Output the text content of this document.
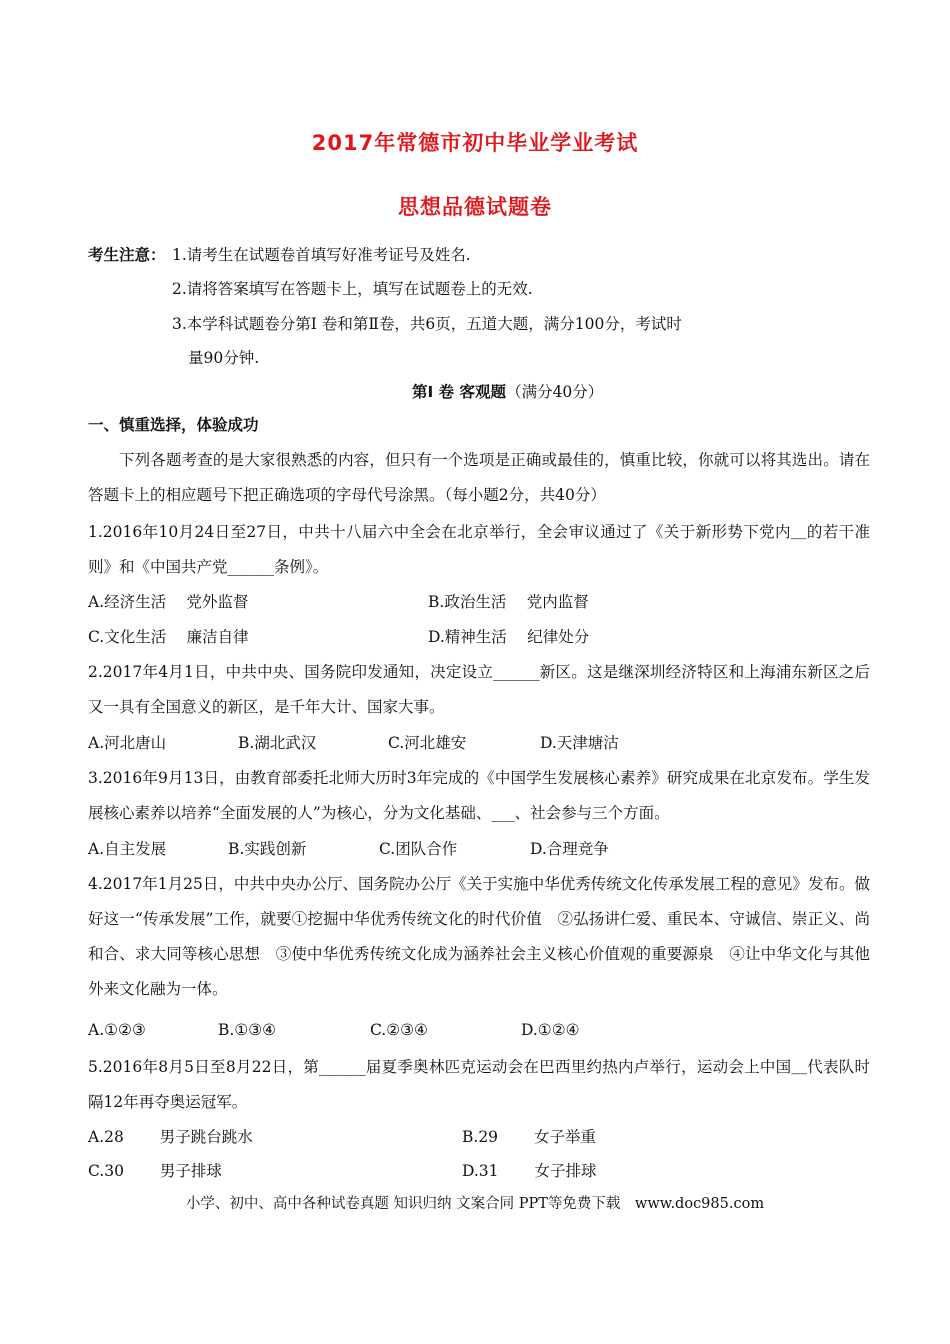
2017年常德市初中毕业学业考试
思想品德试题卷
考生注意： 1.请考生在试题卷首填写好准考证号及姓名.
2.请将答案填写在答题卡上，填写在试题卷上的无效.
3.本学科试题卷分第Ⅰ 卷和第Ⅱ卷，共6页，五道大题，满分100分，考试时
量90分钟.
第Ⅰ 卷 客观题（满分40分）
一、慎重选择，体验成功
下列各题考查的是大家很熟悉的内容，但只有一个选项是正确或最佳的，慎重比较，你就可以将其选出。请在答题卡上的相应题号下把正确选项的字母代号涂黑。（每小题2分，共40分）
1.2016年10月24日至27日，中共十八届六中全会在北京举行，全会审议通过了《关于新形势下党内＿的若干准则》和《中国共产党______条例》。
A.经济生活　 党外监督	B.政治生活　 党内监督
C.文化生活　 廉洁自律	D.精神生活　 纪律处分
2.2017年4月1日，中共中央、国务院印发通知，决定设立______新区。这是继深圳经济特区和上海浦东新区之后又一具有全国意义的新区，是千年大计、国家大事。
A.河北唐山	B.湖北武汉	C.河北雄安	D.天津塘沽
3.2016年9月13日，由教育部委托北师大历时3年完成的《中国学生发展核心素养》研究成果在北京发布。学生发展核心素养以培养“全面发展的人”为核心，分为文化基础、___、社会参与三个方面。
A.自主发展	B.实践创新	C.团队合作	D.合理竞争
4.2017年1月25日，中共中央办公厅、国务院办公厅《关于实施中华优秀传统文化传承发展工程的意见》发布。做好这一“传承发展”工作，就要①挖掘中华优秀传统文化的时代价值　②弘扬讲仁爱、重民本、守诚信、崇正义、尚和合、求大同等核心思想　③使中华优秀传统文化成为涵养社会主义核心价值观的重要源泉　④让中华文化与其他外来文化融为一体。
A.①②③	B.①③④	C.②③④	D.①②④
5.2016年8月5日至8月22日，第______届夏季奥林匹克运动会在巴西里约热内卢举行，运动会上中国＿代表队时隔12年再夺奥运冠军。
A.28　　 男子跳台跳水	B.29　　 女子举重
C.30　　 男子排球	D.31　　 女子排球
小学、初中、高中各种试卷真题 知识归纳 文案合同 PPT等免费下载　www.doc985.com
